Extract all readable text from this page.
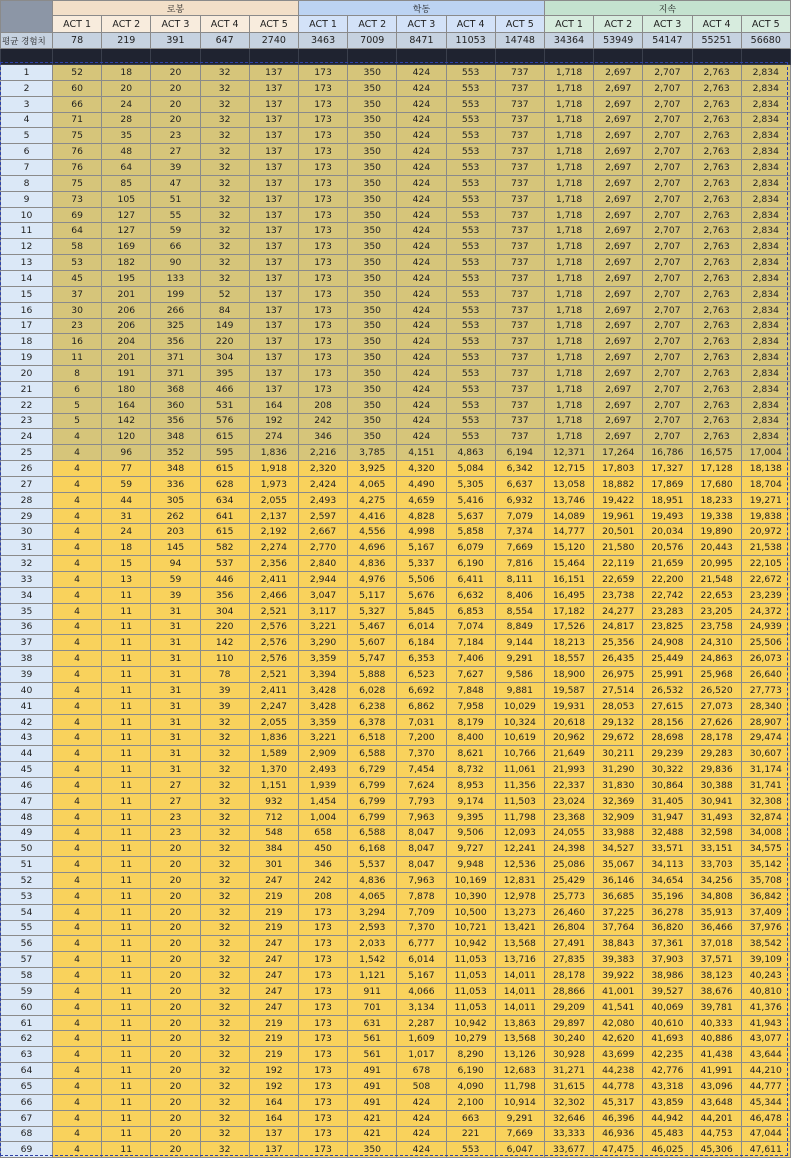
	로봉					학동					지속				
	ACT 1	ACT 2	ACT 3	ACT 4	ACT 5	ACT 1	ACT 2	ACT 3	ACT 4	ACT 5	ACT 1	ACT 2	ACT 3	ACT 4	ACT 5
평균 경험치	78	219	391	647	2740	3463	7009	8471	11053	14748	34364	53949	54147	55251	56680

1	52	18	20	32	137	173	350	424	553	737	1,718	2,697	2,707	2,763	2,834
2	60	20	20	32	137	173	350	424	553	737	1,718	2,697	2,707	2,763	2,834
3	66	24	20	32	137	173	350	424	553	737	1,718	2,697	2,707	2,763	2,834
4	71	28	20	32	137	173	350	424	553	737	1,718	2,697	2,707	2,763	2,834
5	75	35	23	32	137	173	350	424	553	737	1,718	2,697	2,707	2,763	2,834
6	76	48	27	32	137	173	350	424	553	737	1,718	2,697	2,707	2,763	2,834
7	76	64	39	32	137	173	350	424	553	737	1,718	2,697	2,707	2,763	2,834
8	75	85	47	32	137	173	350	424	553	737	1,718	2,697	2,707	2,763	2,834
9	73	105	51	32	137	173	350	424	553	737	1,718	2,697	2,707	2,763	2,834
10	69	127	55	32	137	173	350	424	553	737	1,718	2,697	2,707	2,763	2,834
11	64	127	59	32	137	173	350	424	553	737	1,718	2,697	2,707	2,763	2,834
12	58	169	66	32	137	173	350	424	553	737	1,718	2,697	2,707	2,763	2,834
13	53	182	90	32	137	173	350	424	553	737	1,718	2,697	2,707	2,763	2,834
14	45	195	133	32	137	173	350	424	553	737	1,718	2,697	2,707	2,763	2,834
15	37	201	199	52	137	173	350	424	553	737	1,718	2,697	2,707	2,763	2,834
16	30	206	266	84	137	173	350	424	553	737	1,718	2,697	2,707	2,763	2,834
17	23	206	325	149	137	173	350	424	553	737	1,718	2,697	2,707	2,763	2,834
18	16	204	356	220	137	173	350	424	553	737	1,718	2,697	2,707	2,763	2,834
19	11	201	371	304	137	173	350	424	553	737	1,718	2,697	2,707	2,763	2,834
20	8	191	371	395	137	173	350	424	553	737	1,718	2,697	2,707	2,763	2,834
21	6	180	368	466	137	173	350	424	553	737	1,718	2,697	2,707	2,763	2,834
22	5	164	360	531	164	208	350	424	553	737	1,718	2,697	2,707	2,763	2,834
23	5	142	356	576	192	242	350	424	553	737	1,718	2,697	2,707	2,763	2,834
24	4	120	348	615	274	346	350	424	553	737	1,718	2,697	2,707	2,763	2,834
25	4	96	352	595	1,836	2,216	3,785	4,151	4,863	6,194	12,371	17,264	16,786	16,575	17,004
26	4	77	348	615	1,918	2,320	3,925	4,320	5,084	6,342	12,715	17,803	17,327	17,128	18,138
27	4	59	336	628	1,973	2,424	4,065	4,490	5,305	6,637	13,058	18,882	17,869	17,680	18,704
28	4	44	305	634	2,055	2,493	4,275	4,659	5,416	6,932	13,746	19,422	18,951	18,233	19,271
29	4	31	262	641	2,137	2,597	4,416	4,828	5,637	7,079	14,089	19,961	19,493	19,338	19,838
30	4	24	203	615	2,192	2,667	4,556	4,998	5,858	7,374	14,777	20,501	20,034	19,890	20,972
31	4	18	145	582	2,274	2,770	4,696	5,167	6,079	7,669	15,120	21,580	20,576	20,443	21,538
32	4	15	94	537	2,356	2,840	4,836	5,337	6,190	7,816	15,464	22,119	21,659	20,995	22,105
33	4	13	59	446	2,411	2,944	4,976	5,506	6,411	8,111	16,151	22,659	22,200	21,548	22,672
34	4	11	39	356	2,466	3,047	5,117	5,676	6,632	8,406	16,495	23,738	22,742	22,653	23,239
35	4	11	31	304	2,521	3,117	5,327	5,845	6,853	8,554	17,182	24,277	23,283	23,205	24,372
36	4	11	31	220	2,576	3,221	5,467	6,014	7,074	8,849	17,526	24,817	23,825	23,758	24,939
37	4	11	31	142	2,576	3,290	5,607	6,184	7,184	9,144	18,213	25,356	24,908	24,310	25,506
38	4	11	31	110	2,576	3,359	5,747	6,353	7,406	9,291	18,557	26,435	25,449	24,863	26,073
39	4	11	31	78	2,521	3,394	5,888	6,523	7,627	9,586	18,900	26,975	25,991	25,968	26,640
40	4	11	31	39	2,411	3,428	6,028	6,692	7,848	9,881	19,587	27,514	26,532	26,520	27,773
41	4	11	31	39	2,247	3,428	6,238	6,862	7,958	10,029	19,931	28,053	27,615	27,073	28,340
42	4	11	31	32	2,055	3,359	6,378	7,031	8,179	10,324	20,618	29,132	28,156	27,626	28,907
43	4	11	31	32	1,836	3,221	6,518	7,200	8,400	10,619	20,962	29,672	28,698	28,178	29,474
44	4	11	31	32	1,589	2,909	6,588	7,370	8,621	10,766	21,649	30,211	29,239	29,283	30,607
45	4	11	31	32	1,370	2,493	6,729	7,454	8,732	11,061	21,993	31,290	30,322	29,836	31,174
46	4	11	27	32	1,151	1,939	6,799	7,624	8,953	11,356	22,337	31,830	30,864	30,388	31,741
47	4	11	27	32	932	1,454	6,799	7,793	9,174	11,503	23,024	32,369	31,405	30,941	32,308
48	4	11	23	32	712	1,004	6,799	7,963	9,395	11,798	23,368	32,909	31,947	31,493	32,874
49	4	11	23	32	548	658	6,588	8,047	9,506	12,093	24,055	33,988	32,488	32,598	34,008
50	4	11	20	32	384	450	6,168	8,047	9,727	12,241	24,398	34,527	33,571	33,151	34,575
51	4	11	20	32	301	346	5,537	8,047	9,948	12,536	25,086	35,067	34,113	33,703	35,142
52	4	11	20	32	247	242	4,836	7,963	10,169	12,831	25,429	36,146	34,654	34,256	35,708
53	4	11	20	32	219	208	4,065	7,878	10,390	12,978	25,773	36,685	35,196	34,808	36,842
54	4	11	20	32	219	173	3,294	7,709	10,500	13,273	26,460	37,225	36,278	35,913	37,409
55	4	11	20	32	219	173	2,593	7,370	10,721	13,421	26,804	37,764	36,820	36,466	37,976
56	4	11	20	32	247	173	2,033	6,777	10,942	13,568	27,491	38,843	37,361	37,018	38,542
57	4	11	20	32	247	173	1,542	6,014	11,053	13,716	27,835	39,383	37,903	37,571	39,109
58	4	11	20	32	247	173	1,121	5,167	11,053	14,011	28,178	39,922	38,986	38,123	40,243
59	4	11	20	32	247	173	911	4,066	11,053	14,011	28,866	41,001	39,527	38,676	40,810
60	4	11	20	32	247	173	701	3,134	11,053	14,011	29,209	41,541	40,069	39,781	41,376
61	4	11	20	32	219	173	631	2,287	10,942	13,863	29,897	42,080	40,610	40,333	41,943
62	4	11	20	32	219	173	561	1,609	10,279	13,568	30,240	42,620	41,693	40,886	43,077
63	4	11	20	32	219	173	561	1,017	8,290	13,126	30,928	43,699	42,235	41,438	43,644
64	4	11	20	32	192	173	491	678	6,190	12,683	31,271	44,238	42,776	41,991	44,210
65	4	11	20	32	192	173	491	508	4,090	11,798	31,615	44,778	43,318	43,096	44,777
66	4	11	20	32	164	173	491	424	2,100	10,914	32,302	45,317	43,859	43,648	45,344
67	4	11	20	32	164	173	421	424	663	9,291	32,646	46,396	44,942	44,201	46,478
68	4	11	20	32	137	173	421	424	221	7,669	33,333	46,936	45,483	44,753	47,044
69	4	11	20	32	137	173	350	424	553	6,047	33,677	47,475	46,025	45,306	47,611
